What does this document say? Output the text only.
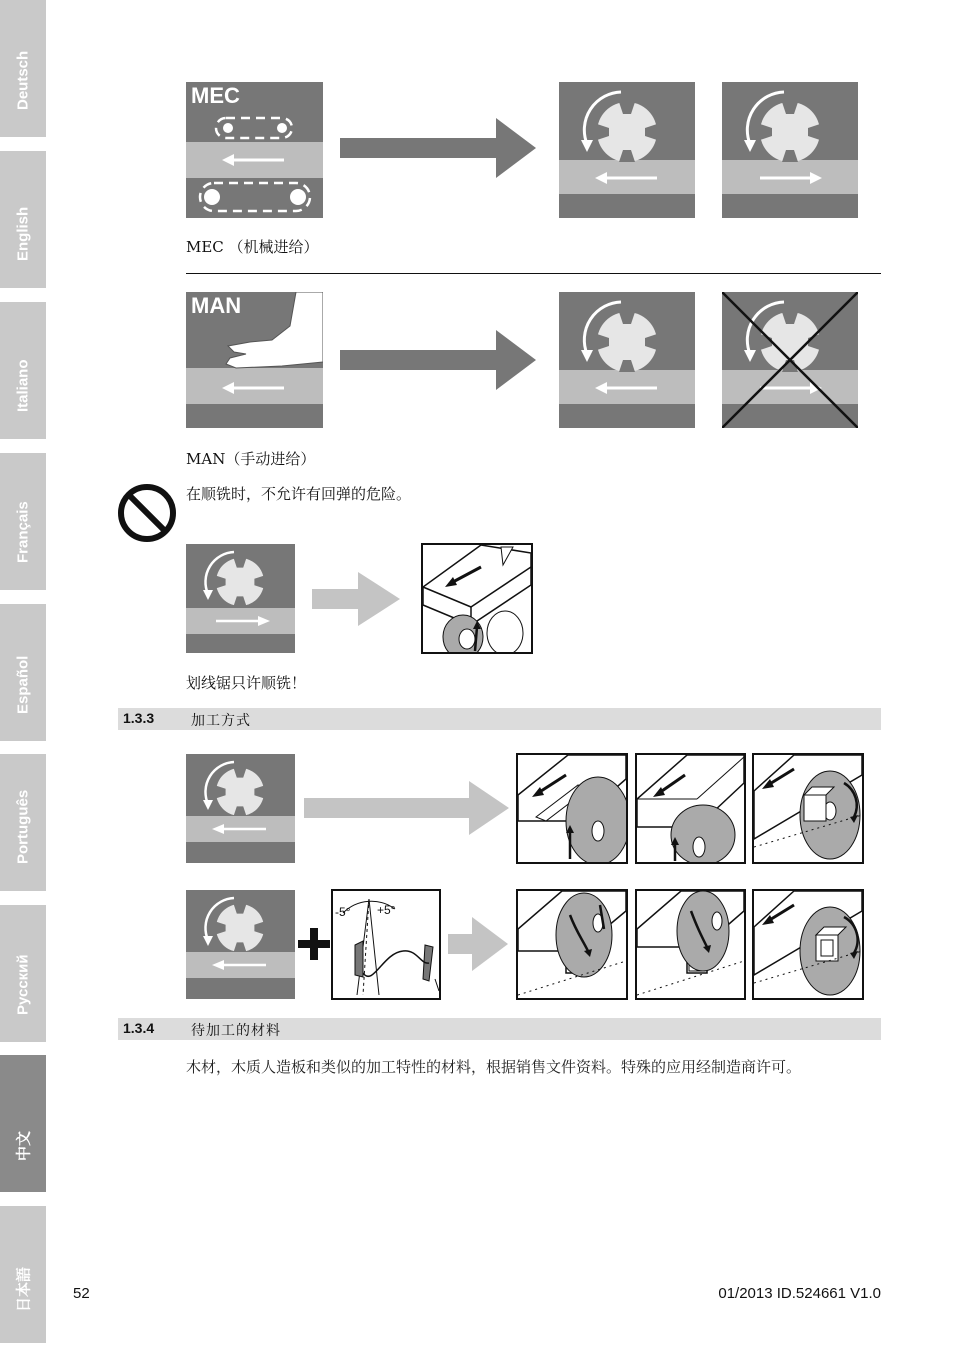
Deutsch
English
Italiano
Français
Español
Português
Русский
中文
日本語
MEC
MEC （机械进给）
MAN
MAN（手动进给）
在顺铣时，不允许有回弹的危险。
划线锯只许顺铣！
1.3.3	加工方式
-5° +5°
1.3.4	待加工的材料
木材，木质人造板和类似的加工特性的材料，根据销售文件资料。特殊的应用经制造商许可。
52	01/2013 ID.524661 V1.0
